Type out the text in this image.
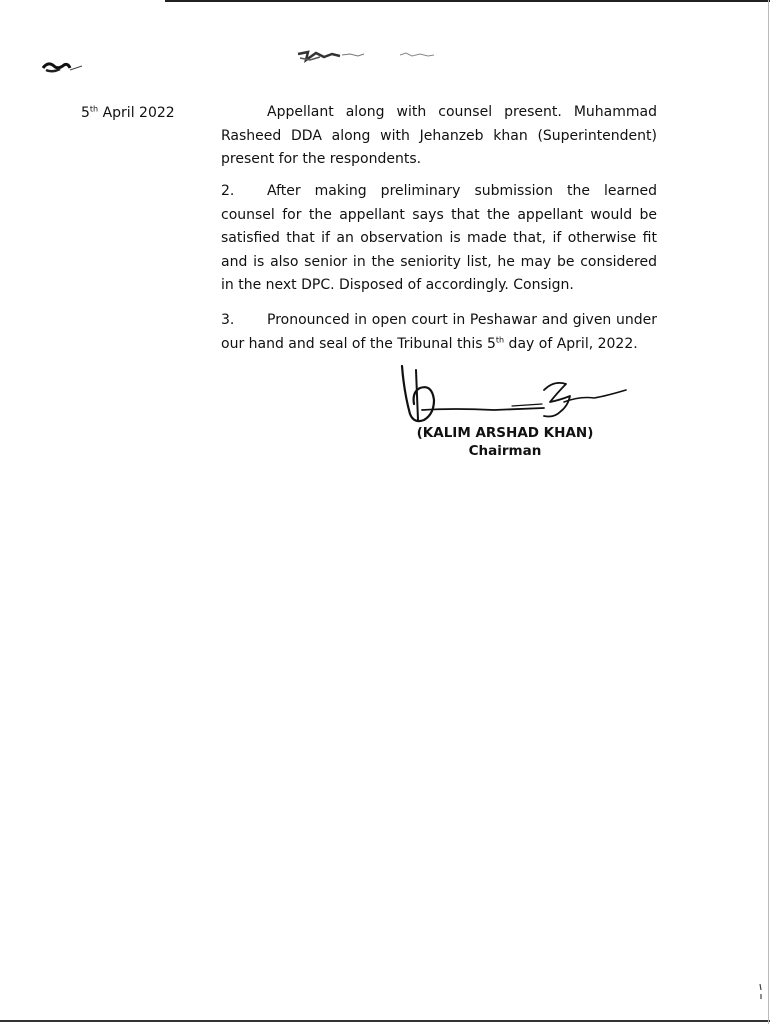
5th April 2022	Appellant along with counsel present. Muhammad Rasheed DDA along with Jehanzeb khan (Superintendent) present for the respondents.

2. After making preliminary submission the learned counsel for the appellant says that the appellant would be satisfied that if an observation is made that, if otherwise fit and is also senior in the seniority list, he may be considered in the next DPC. Disposed of accordingly. Consign.

3. Pronounced in open court in Peshawar and given under our hand and seal of the Tribunal this 5th day of April, 2022.

(KALIM ARSHAD KHAN)
Chairman
